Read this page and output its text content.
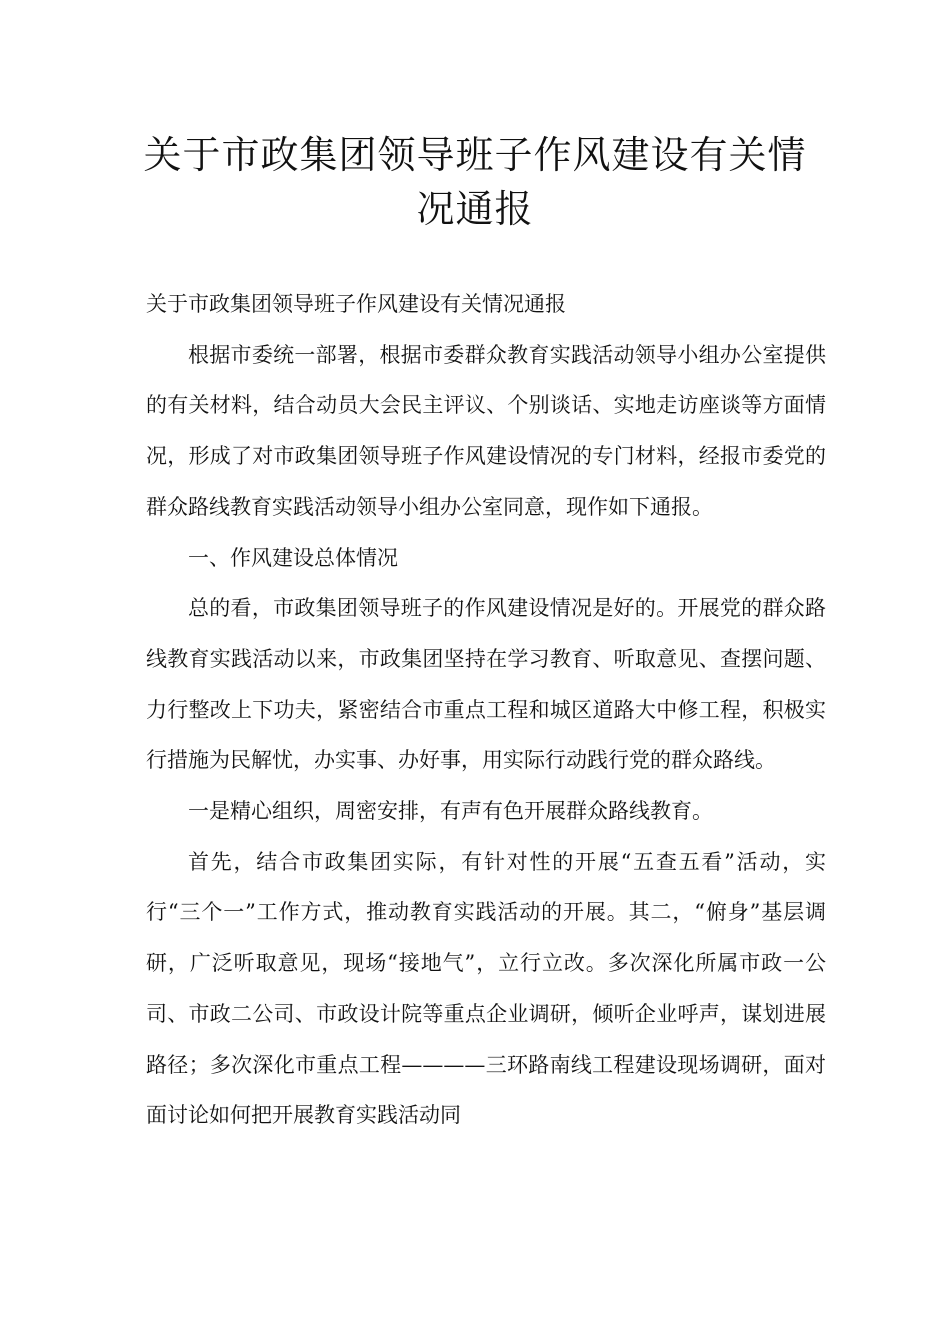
关于市政集团领导班子作风建设有关情
况通报

关于市政集团领导班子作风建设有关情况通报

根据市委统一部署，根据市委群众教育实践活动领导小组办公室提供的有关材料，结合动员大会民主评议、个别谈话、实地走访座谈等方面情况，形成了对市政集团领导班子作风建设情况的专门材料，经报市委党的群众路线教育实践活动领导小组办公室同意，现作如下通报。

一、作风建设总体情况

总的看，市政集团领导班子的作风建设情况是好的。开展党的群众路线教育实践活动以来，市政集团坚持在学习教育、听取意见、查摆问题、力行整改上下功夫，紧密结合市重点工程和城区道路大中修工程，积极实行措施为民解忧，办实事、办好事，用实际行动践行党的群众路线。

一是精心组织，周密安排，有声有色开展群众路线教育。

首先，结合市政集团实际，有针对性的开展“五查五看”活动，实行“三个一”工作方式，推动教育实践活动的开展。其二，“俯身”基层调研，广泛听取意见，现场“接地气”，立行立改。多次深化所属市政一公司、市政二公司、市政设计院等重点企业调研，倾听企业呼声，谋划进展路径；多次深化市重点工程————三环路南线工程建设现场调研，面对面讨论如何把开展教育实践活动同
